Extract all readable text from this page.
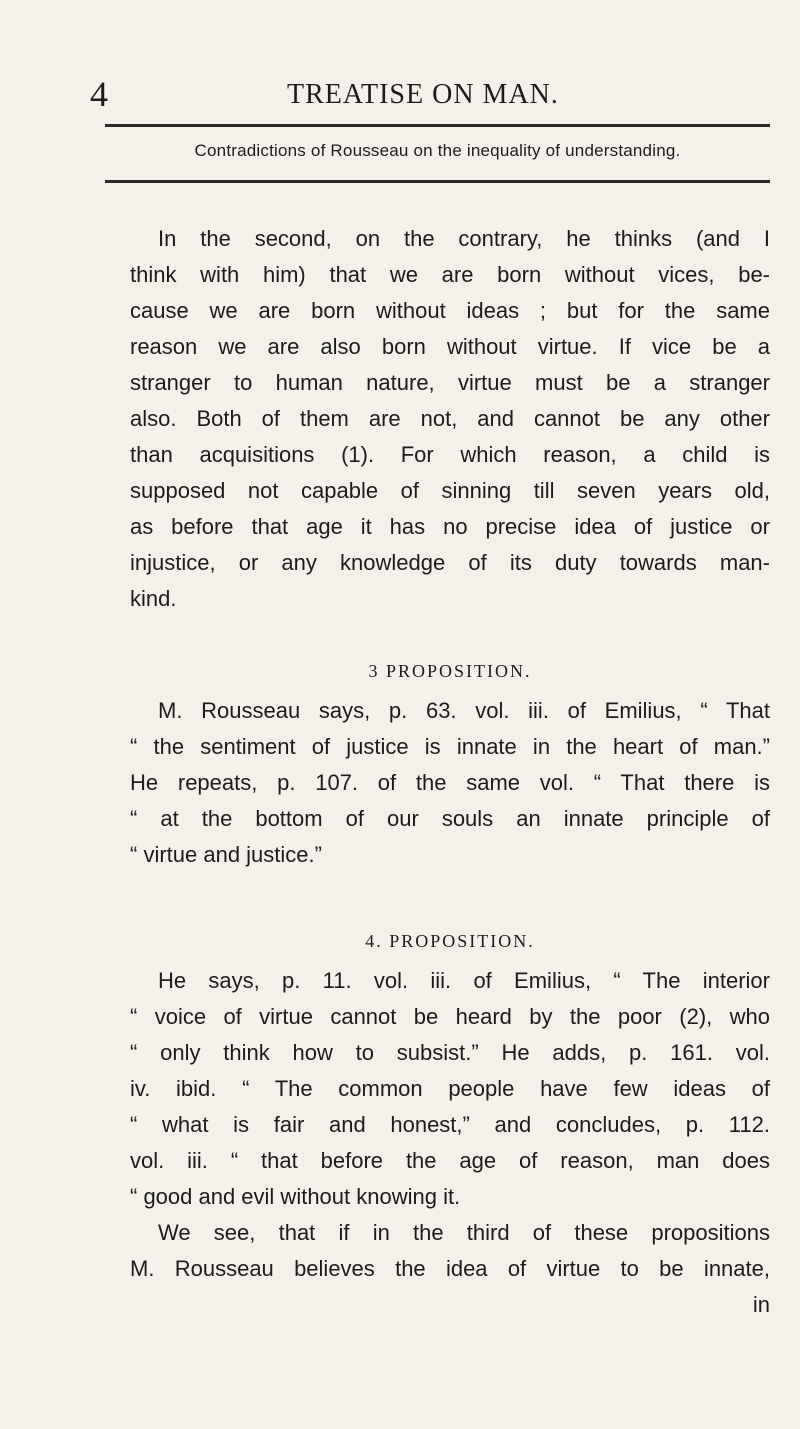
4	TREATISE ON MAN.
Contradictions of Rousseau on the inequality of understanding.
In the second, on the contrary, he thinks (and I
think with him) that we are born without vices, be-
cause we are born without ideas ; but for the same
reason we are also born without virtue. If vice be a
stranger to human nature, virtue must be a stranger
also. Both of them are not, and cannot be any other
than acquisitions (1). For which reason, a child is
supposed not capable of sinning till seven years old,
as before that age it has no precise idea of justice or
injustice, or any knowledge of its duty towards man-
kind.
3 PROPOSITION.
M. Rousseau says, p. 63. vol. iii. of Emilius, “ That
“ the sentiment of justice is innate in the heart of man.”
He repeats, p. 107. of the same vol. “ That there is
“ at the bottom of our souls an innate principle of
“ virtue and justice.”
4. PROPOSITION.
He says, p. 11. vol. iii. of Emilius, “ The interior
“ voice of virtue cannot be heard by the poor (2), who
“ only think how to subsist.” He adds, p. 161. vol.
iv. ibid. “ The common people have few ideas of
“ what is fair and honest,” and concludes, p. 112.
vol. iii. “ that before the age of reason, man does
“ good and evil without knowing it.
We see, that if in the third of these propositions
M. Rousseau believes the idea of virtue to be innate,
in
